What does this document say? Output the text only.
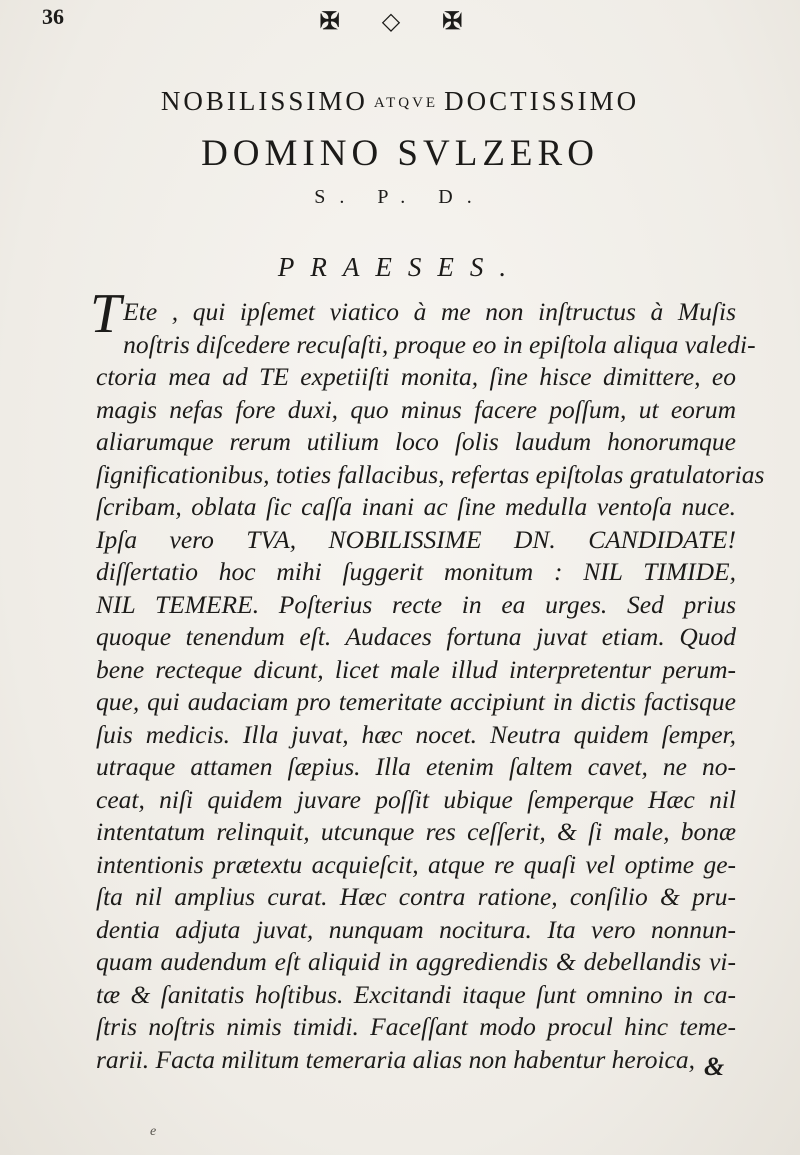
36	✠ ◇ ✠
NOBILISSIMO ATQVE DOCTISSIMO
DOMINO SVLZERO
S. P. D.
PRAESES.
T Ete , qui ipſemet viatico à me non inſtructus à Muſis
noſtris diſcedere recuſaſti, proque eo in epiſtola aliqua valedi-
ctoria mea ad TE expetiiſti monita, ſine hisce dimittere, eo
magis nefas fore duxi, quo minus facere poſſum, ut eorum
aliarumque rerum utilium loco ſolis laudum honorumque
ſignificationibus, toties fallacibus, refertas epiſtolas gratulatorias
ſcribam, oblata ſic caſſa inani ac ſine medulla ventoſa nuce.
Ipſa vero TVA, NOBILISSIME DN. CANDIDATE!
diſſertatio hoc mihi ſuggerit monitum : NIL TIMIDE,
NIL TEMERE. Poſterius recte in ea urges. Sed prius
quoque tenendum eſt. Audaces fortuna juvat etiam. Quod
bene recteque dicunt, licet male illud interpretentur perum-
que, qui audaciam pro temeritate accipiunt in dictis factisque
ſuis medicis. Illa juvat, hæc nocet. Neutra quidem ſemper,
utraque attamen ſæpius. Illa etenim ſaltem cavet, ne no-
ceat, niſi quidem juvare poſſit ubique ſemperque Hæc nil
intentatum relinquit, utcunque res ceſſerit, & ſi male, bonæ
intentionis prætextu acquieſcit, atque re quaſi vel optime ge-
ſta nil amplius curat. Hæc contra ratione, conſilio & pru-
dentia adjuta juvat, nunquam nocitura. Ita vero nonnun-
quam audendum eſt aliquid in aggrediendis & debellandis vi-
tæ & ſanitatis hoſtibus. Excitandi itaque ſunt omnino in ca-
ſtris noſtris nimis timidi. Faceſſant modo procul hinc teme-
rarii. Facta militum temeraria alias non habentur heroica, &
e
